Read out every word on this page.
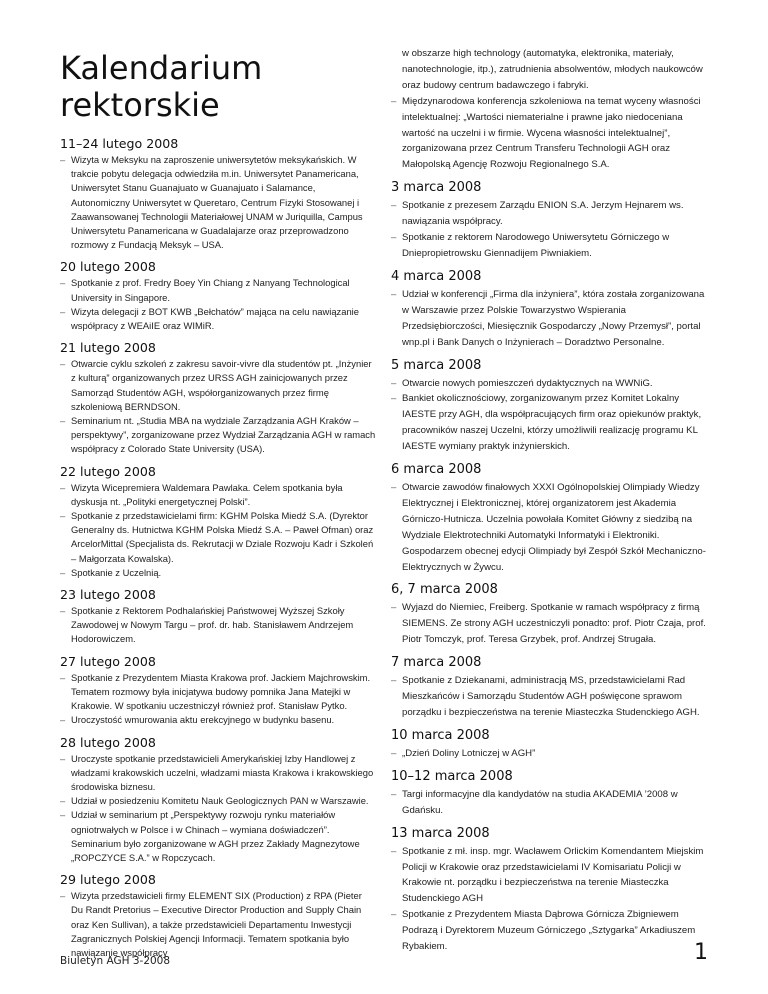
Kalendarium rektorskie
11–24 lutego 2008
– Wizyta w Meksyku na zaproszenie uniwersytetów meksykańskich. W trakcie pobytu delegacja odwiedziła m.in. Uniwersytet Panamericana, Uniwersytet Stanu Guanajuato w Guanajuato i Salamance, Autonomiczny Uniwersytet w Queretaro, Centrum Fizyki Stosowanej i Zaawansowanej Technologii Materiałowej UNAM w Juriquilla, Campus Uniwersytetu Panamericana w Guadalajarze oraz przeprowadzono rozmowy z Fundacją Meksyk – USA.
20 lutego 2008
– Spotkanie z prof. Fredry Boey Yin Chiang z Nanyang Technological University in Singapore.
– Wizyta delegacji z BOT KWB „Bełchatów” mająca na celu nawiązanie współpracy z WEAiIE oraz WIMiR.
21 lutego 2008
– Otwarcie cyklu szkoleń z zakresu savoir-vivre dla studentów pt. „Inżynier z kulturą” organizowanych przez URSS AGH zainicjowanych przez Samorząd Studentów AGH, współorganizowanych przez firmę szkoleniową BERNDSON.
– Seminarium nt. „Studia MBA na wydziale Zarządzania AGH Kraków – perspektywy”, zorganizowane przez Wydział Zarządzania AGH w ramach współpracy z Colorado State University (USA).
22 lutego 2008
– Wizyta Wicepremiera Waldemara Pawlaka. Celem spotkania była dyskusja nt. „Polityki energetycznej Polski”.
– Spotkanie z przedstawicielami firm: KGHM Polska Miedź S.A. (Dyrektor Generalny ds. Hutnictwa KGHM Polska Miedź S.A. – Paweł Ofman) oraz ArcelorMittal (Specjalista ds. Rekrutacji w Dziale Rozwoju Kadr i Szkoleń – Małgorzata Kowalska).
– Spotkanie z Uczelnią.
23 lutego 2008
– Spotkanie z Rektorem Podhalańskiej Państwowej Wyższej Szkoły Zawodowej w Nowym Targu – prof. dr. hab. Stanisławem Andrzejem Hodorowiczem.
27 lutego 2008
– Spotkanie z Prezydentem Miasta Krakowa prof. Jackiem Majchrowskim. Tematem rozmowy była inicjatywa budowy pomnika Jana Matejki w Krakowie. W spotkaniu uczestniczył również prof. Stanisław Pytko.
– Uroczystość wmurowania aktu erekcyjnego w budynku basenu.
28 lutego 2008
– Uroczyste spotkanie przedstawicieli Amerykańskiej Izby Handlowej z władzami krakowskich uczelni, władzami miasta Krakowa i krakowskiego środowiska biznesu.
– Udział w posiedzeniu Komitetu Nauk Geologicznych PAN w Warszawie.
– Udział w seminarium pt „Perspektywy rozwoju rynku materiałów ogniotrwałych w Polsce i w Chinach – wymiana doświadczeń”. Seminarium było zorganizowane w AGH przez Zakłady Magnezytowe „ROPCZYCE S.A.” w Ropczycach.
29 lutego 2008
– Wizyta przedstawicieli firmy ELEMENT SIX (Production) z RPA (Pieter Du Randt Pretorius – Executive Director Production and Supply Chain oraz Ken Sullivan), a także przedstawicieli Departamentu Inwestycji Zagranicznych Polskiej Agencji Informacji. Tematem spotkania było nawiązanie współpracy
w obszarze high technology (automatyka, elektronika, materiały, nanotechnologie, itp.), zatrudnienia absolwentów, młodych naukowców oraz budowy centrum badawczego i fabryki.
– Międzynarodowa konferencja szkoleniowa na temat wyceny własności intelektualnej: „Wartości niematerialne i prawne jako niedoceniana wartość na uczelni i w firmie. Wycena własności intelektualnej”, zorganizowana przez Centrum Transferu Technologii AGH oraz Małopolską Agencję Rozwoju Regionalnego S.A.
3 marca 2008
– Spotkanie z prezesem Zarządu ENION S.A. Jerzym Hejnarem ws. nawiązania współpracy.
– Spotkanie z rektorem Narodowego Uniwersytetu Górniczego w Dniepropietrowsku Giennadijem Piwniakiem.
4 marca 2008
– Udział w konferencji „Firma dla inżyniera”, która została zorganizowana w Warszawie przez Polskie Towarzystwo Wspierania Przedsiębiorczości, Miesięcznik Gospodarczy „Nowy Przemysł”, portal wnp.pl i Bank Danych o Inżynierach – Doradztwo Personalne.
5 marca 2008
– Otwarcie nowych pomieszczeń dydaktycznych na WWNiG.
– Bankiet okolicznościowy, zorganizowanym przez Komitet Lokalny IAESTE przy AGH, dla współpracujących firm oraz opiekunów praktyk, pracowników naszej Uczelni, którzy umożliwili realizację programu KL IAESTE wymiany praktyk inżynierskich.
6 marca 2008
– Otwarcie zawodów finałowych XXXI Ogólnopolskiej Olimpiady Wiedzy Elektrycznej i Elektronicznej, której organizatorem jest Akademia Górniczo-Hutnicza. Uczelnia powołała Komitet Główny z siedzibą na Wydziale Elektrotechniki Automatyki Informatyki i Elektroniki. Gospodarzem obecnej edycji Olimpiady był Zespół Szkół Mechaniczno-Elektrycznych w Żywcu.
6, 7 marca 2008
– Wyjazd do Niemiec, Freiberg. Spotkanie w ramach współpracy z firmą SIEMENS. Ze strony AGH uczestniczyli ponadto: prof. Piotr Czaja, prof. Piotr Tomczyk, prof. Teresa Grzybek, prof. Andrzej Strugała.
7 marca 2008
– Spotkanie z Dziekanami, administracją MS, przedstawicielami Rad Mieszkańców i Samorządu Studentów AGH poświęcone sprawom porządku i bezpieczeństwa na terenie Miasteczka Studenckiego AGH.
10 marca 2008
– „Dzień Doliny Lotniczej w AGH”
10–12 marca 2008
– Targi informacyjne dla kandydatów na studia AKADEMIA ’2008 w Gdańsku.
13 marca 2008
– Spotkanie z mł. insp. mgr. Wacławem Orlickim Komendantem Miejskim Policji w Krakowie oraz przedstawicielami IV Komisariatu Policji w Krakowie nt. porządku i bezpieczeństwa na terenie Miasteczka Studenckiego AGH
– Spotkanie z Prezydentem Miasta Dąbrowa Górnicza Zbigniewem Podrazą i Dyrektorem Muzeum Górniczego „Sztygarka” Arkadiuszem Rybakiem.
Biuletyn AGH 3-2008	1
